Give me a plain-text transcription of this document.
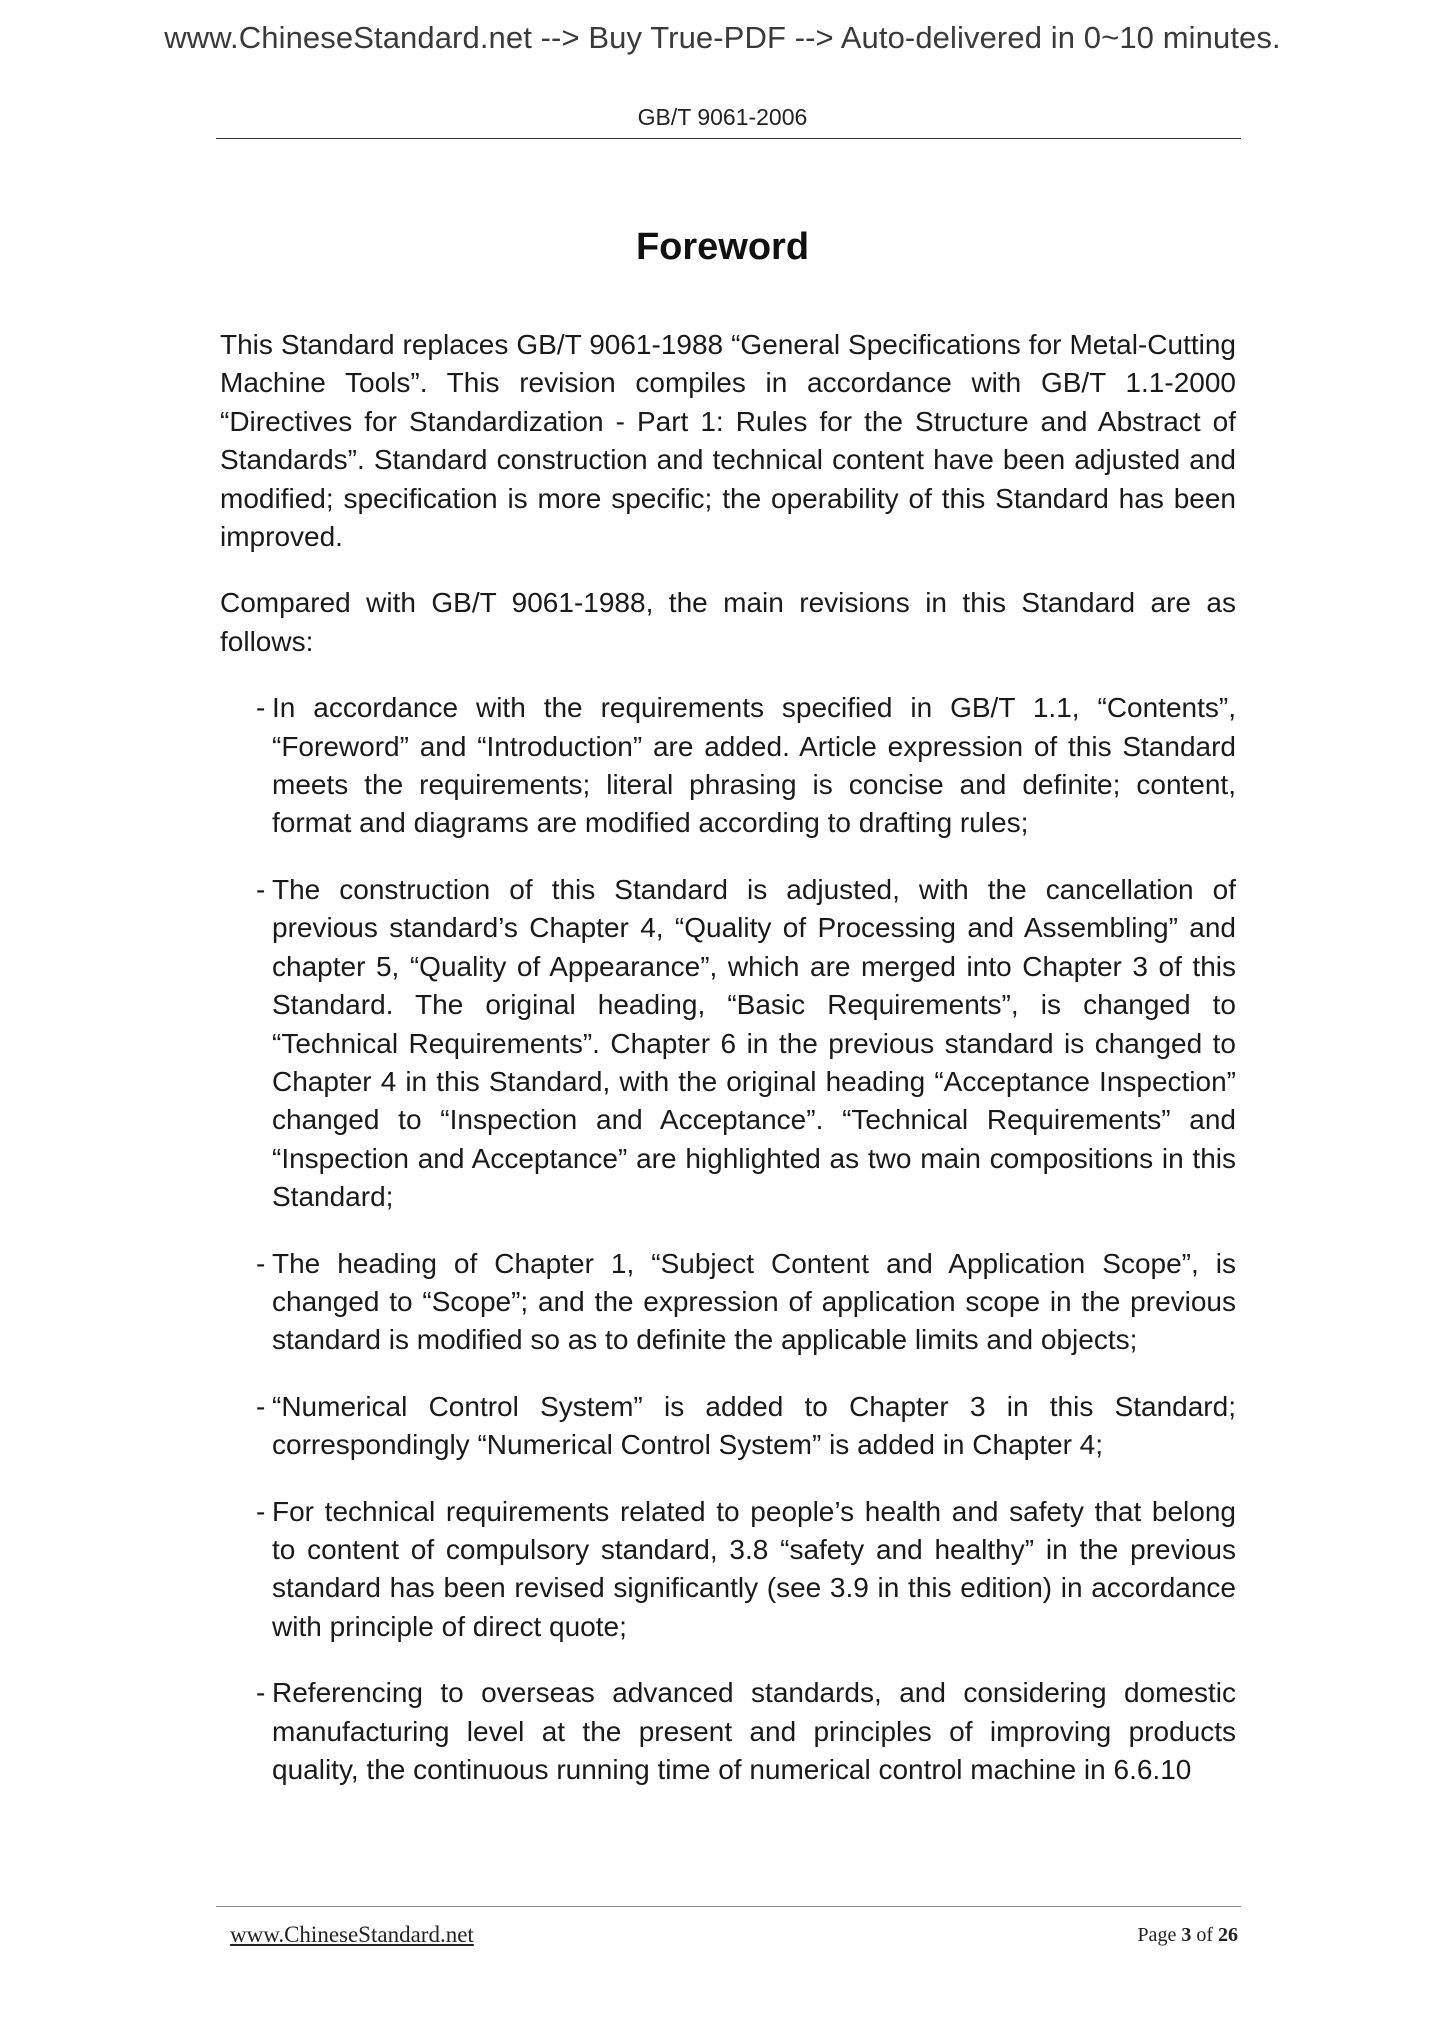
www.ChineseStandard.net --> Buy True-PDF --> Auto-delivered in 0~10 minutes.
GB/T 9061-2006
Foreword

This Standard replaces GB/T 9061-1988 “General Specifications for Metal-Cutting Machine Tools”. This revision compiles in accordance with GB/T 1.1-2000 “Directives for Standardization - Part 1: Rules for the Structure and Abstract of Standards”. Standard construction and technical content have been adjusted and modified; specification is more specific; the operability of this Standard has been improved.

Compared with GB/T 9061-1988, the main revisions in this Standard are as follows:

- In accordance with the requirements specified in GB/T 1.1, “Contents”, “Foreword” and “Introduction” are added. Article expression of this Standard meets the requirements; literal phrasing is concise and definite; content, format and diagrams are modified according to drafting rules;
- The construction of this Standard is adjusted, with the cancellation of previous standard’s Chapter 4, “Quality of Processing and Assembling” and chapter 5, “Quality of Appearance”, which are merged into Chapter 3 of this Standard. The original heading, “Basic Requirements”, is changed to “Technical Requirements”. Chapter 6 in the previous standard is changed to Chapter 4 in this Standard, with the original heading “Acceptance Inspection” changed to “Inspection and Acceptance”. “Technical Requirements” and “Inspection and Acceptance” are highlighted as two main compositions in this Standard;
- The heading of Chapter 1, “Subject Content and Application Scope”, is changed to “Scope”; and the expression of application scope in the previous standard is modified so as to definite the applicable limits and objects;
- “Numerical Control System” is added to Chapter 3 in this Standard; correspondingly “Numerical Control System” is added in Chapter 4;
- For technical requirements related to people’s health and safety that belong to content of compulsory standard, 3.8 “safety and healthy” in the previous standard has been revised significantly (see 3.9 in this edition) in accordance with principle of direct quote;
- Referencing to overseas advanced standards, and considering domestic manufacturing level at the present and principles of improving products quality, the continuous running time of numerical control machine in 6.6.10
www.ChineseStandard.net	Page 3 of 26
